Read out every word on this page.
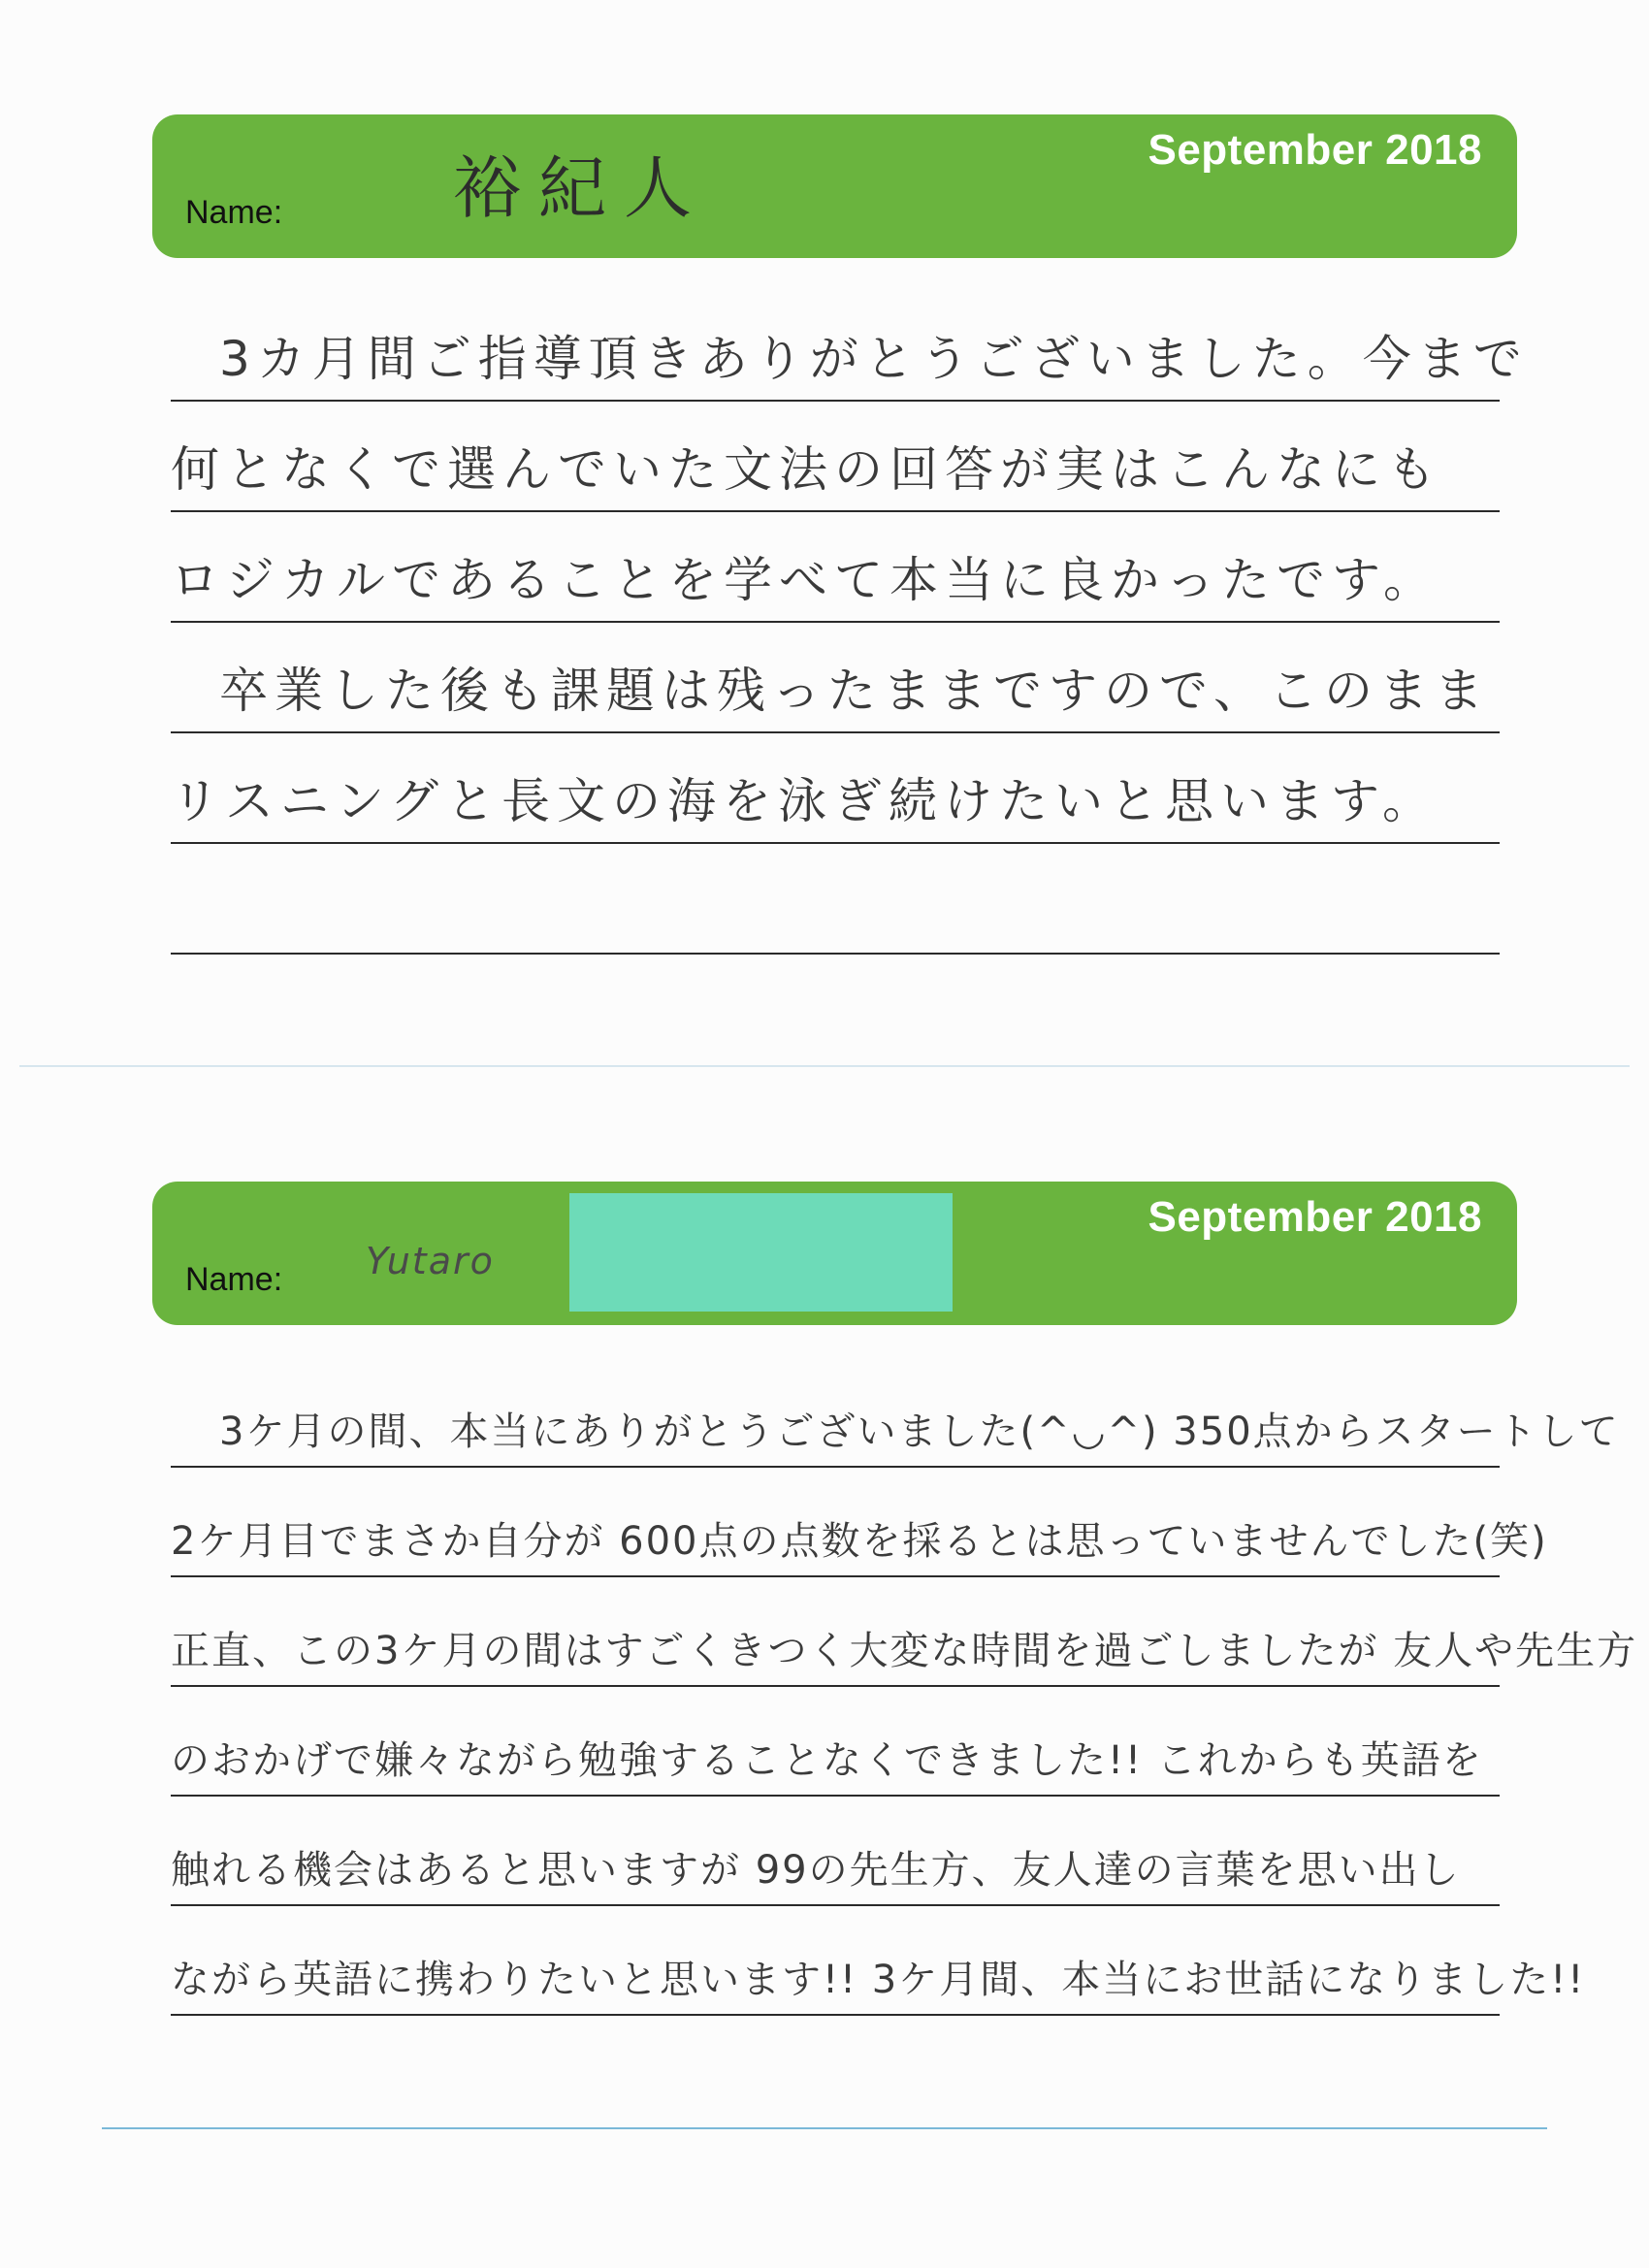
September 2018
Name:	裕紀人
3カ月間ご指導頂きありがとうございました。今まで
何となくで選んでいた文法の回答が実はこんなにも
ロジカルであることを学べて本当に良かったです。
卒業した後も課題は残ったままですので、このまま
リスニングと長文の海を泳ぎ続けたいと思います。
September 2018
Name: Yutaro
3ケ月の間、本当にありがとうございました(^◡^) 350点からスタートして
2ケ月目でまさか自分が 600点の点数を採るとは思っていませんでした(笑)
正直、この3ケ月の間はすごくきつく大変な時間を過ごしましたが 友人や先生方
のおかげで嫌々ながら勉強することなくできました!! これからも英語を
触れる機会はあると思いますが 99の先生方、友人達の言葉を思い出し
ながら英語に携わりたいと思います!! 3ケ月間、本当にお世話になりました!!
